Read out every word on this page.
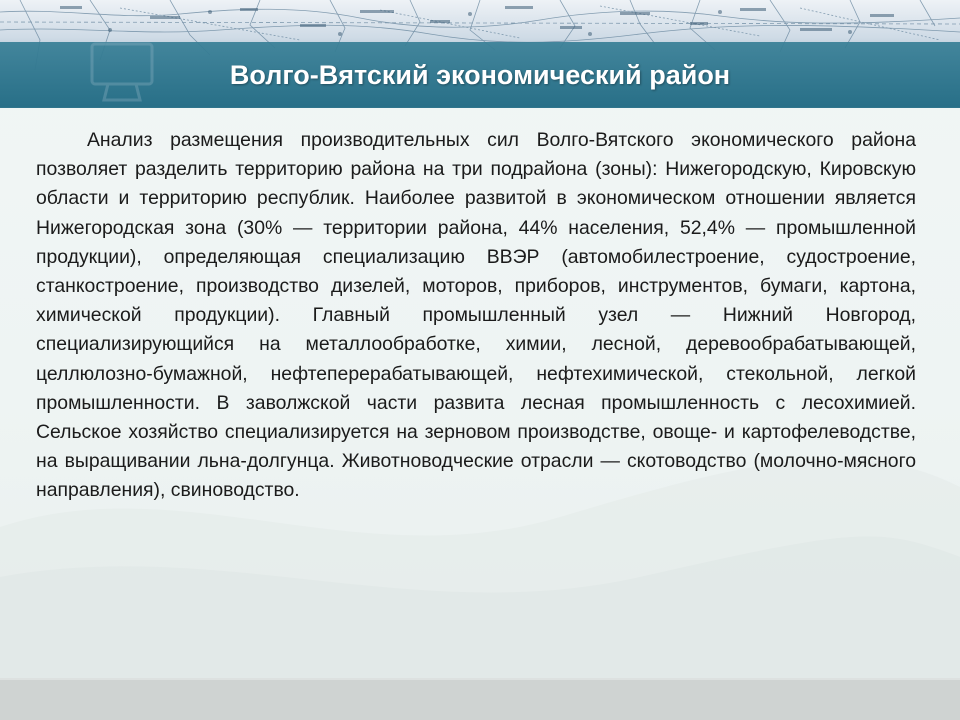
Волго-Вятский экономический район

Анализ размещения производительных сил Волго-Вятского экономического района позволяет разделить территорию района на три подрайона (зоны): Нижегородскую, Кировскую области и территорию республик. Наиболее развитой в экономическом отношении является Нижегородская зона (30% — территории района, 44% населения, 52,4% — промышленной продукции), определяющая специализацию ВВЭР (автомобилестроение, судостроение, станкостроение, производство дизелей, моторов, приборов, инструментов, бумаги, картона, химической продукции). Главный промышленный узел — Нижний Новгород, специализирующийся на металлообработке, химии, лесной, деревообрабатывающей, целлюлозно-бумажной, нефтеперерабатывающей, нефтехимической, стекольной, легкой промышленности. В заволжской части развита лесная промышленность с лесохимией. Сельское хозяйство специализируется на зерновом производстве, овоще- и картофелеводстве, на выращивании льна-долгунца. Животноводческие отрасли — скотоводство (молочно-мясного направления), свиноводство.
